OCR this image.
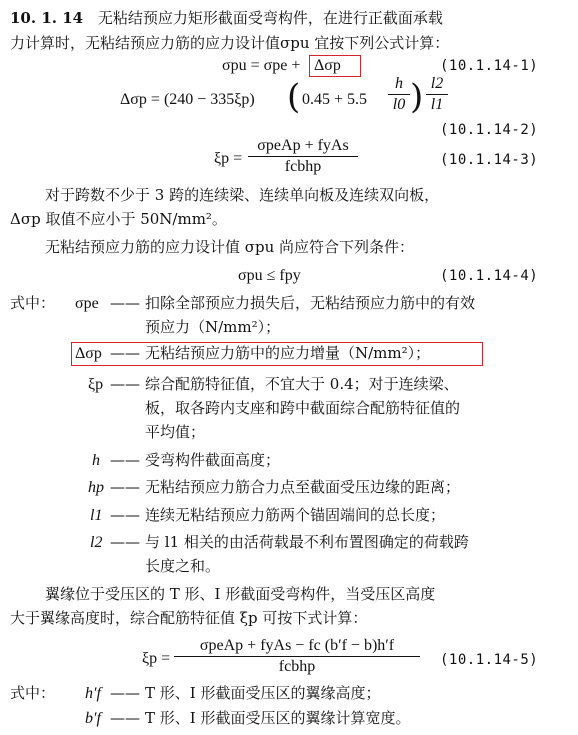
10. 1. 14 无粘结预应力矩形截面受弯构件，在进行正截面承载
力计算时，无粘结预应力筋的应力设计值σpu 宜按下列公式计算：
σpu = σpe + Δσp	(10.1.14-1)
Δσp = (240 − 335ξp) ( 0.45 + 5.5
h
l0 ) l2
l1
(10.1.14-2)
ξp =
σpeAp + fyAs
fcbhp	(10.1.14-3)
对于跨数不少于 3 跨的连续梁、连续单向板及连续双向板，
Δσp 取值不应小于 50N/mm²。
无粘结预应力筋的应力设计值 σpu 尚应符合下列条件：
σpu ≤ fpy	(10.1.14-4)
式中： σpe —— 扣除全部预应力损失后，无粘结预应力筋中的有效
预应力（N/mm²）；
Δσp —— 无粘结预应力筋中的应力增量（N/mm²）；
ξp —— 综合配筋特征值，不宜大于 0.4；对于连续梁、
板，取各跨内支座和跨中截面综合配筋特征值的
平均值；
h —— 受弯构件截面高度；
hp —— 无粘结预应力筋合力点至截面受压边缘的距离；
l1 —— 连续无粘结预应力筋两个锚固端间的总长度；
l2 —— 与 l1 相关的由活荷载最不利布置图确定的荷载跨
长度之和。
翼缘位于受压区的 T 形、I 形截面受弯构件，当受压区高度
大于翼缘高度时，综合配筋特征值 ξp 可按下式计算：
ξp =
σpeAp + fyAs − fc (b′f − b)h′f
fcbhp	(10.1.14-5)
式中： h′f —— T 形、I 形截面受压区的翼缘高度；
b′f —— T 形、I 形截面受压区的翼缘计算宽度。
